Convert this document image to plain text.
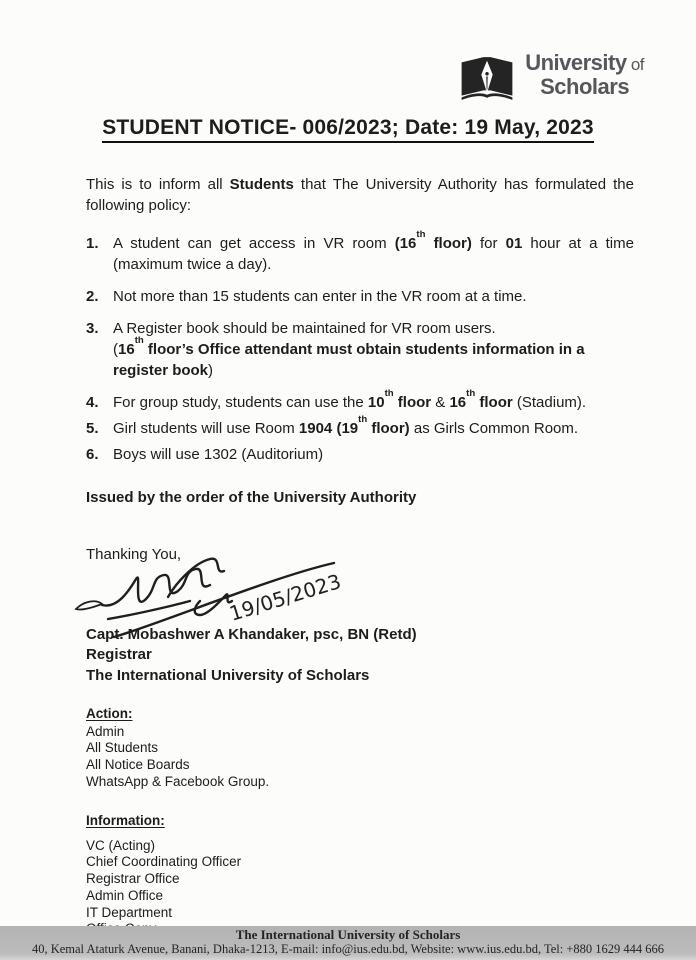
University of
Scholars
STUDENT NOTICE- 006/2023; Date: 19 May, 2023

This is to inform all Students that The University Authority has formulated the following policy:

1. A student can get access in VR room (16th floor) for 01 hour at a time (maximum twice a day).
2. Not more than 15 students can enter in the VR room at a time.
3. A Register book should be maintained for VR room users.
(16th floor’s Office attendant must obtain students information in a register book)
4. For group study, students can use the 10th floor & 16th floor (Stadium).
5. Girl students will use Room 1904 (19th floor) as Girls Common Room.
6. Boys will use 1302 (Auditorium)

Issued by the order of the University Authority

Thanking You,

19/05/2023
Capt. Mobashwer A Khandaker, psc, BN (Retd)
Registrar
The International University of Scholars

Action:

Admin
All Students
All Notice Boards
WhatsApp & Facebook Group.

Information:

VC (Acting)
Chief Coordinating Officer
Registrar Office
Admin Office
IT Department
The International University of Scholars
40, Kemal Ataturk Avenue, Banani, Dhaka-1213, E-mail: info@ius.edu.bd, Website: www.ius.edu.bd, Tel: +880 1629 444 666
